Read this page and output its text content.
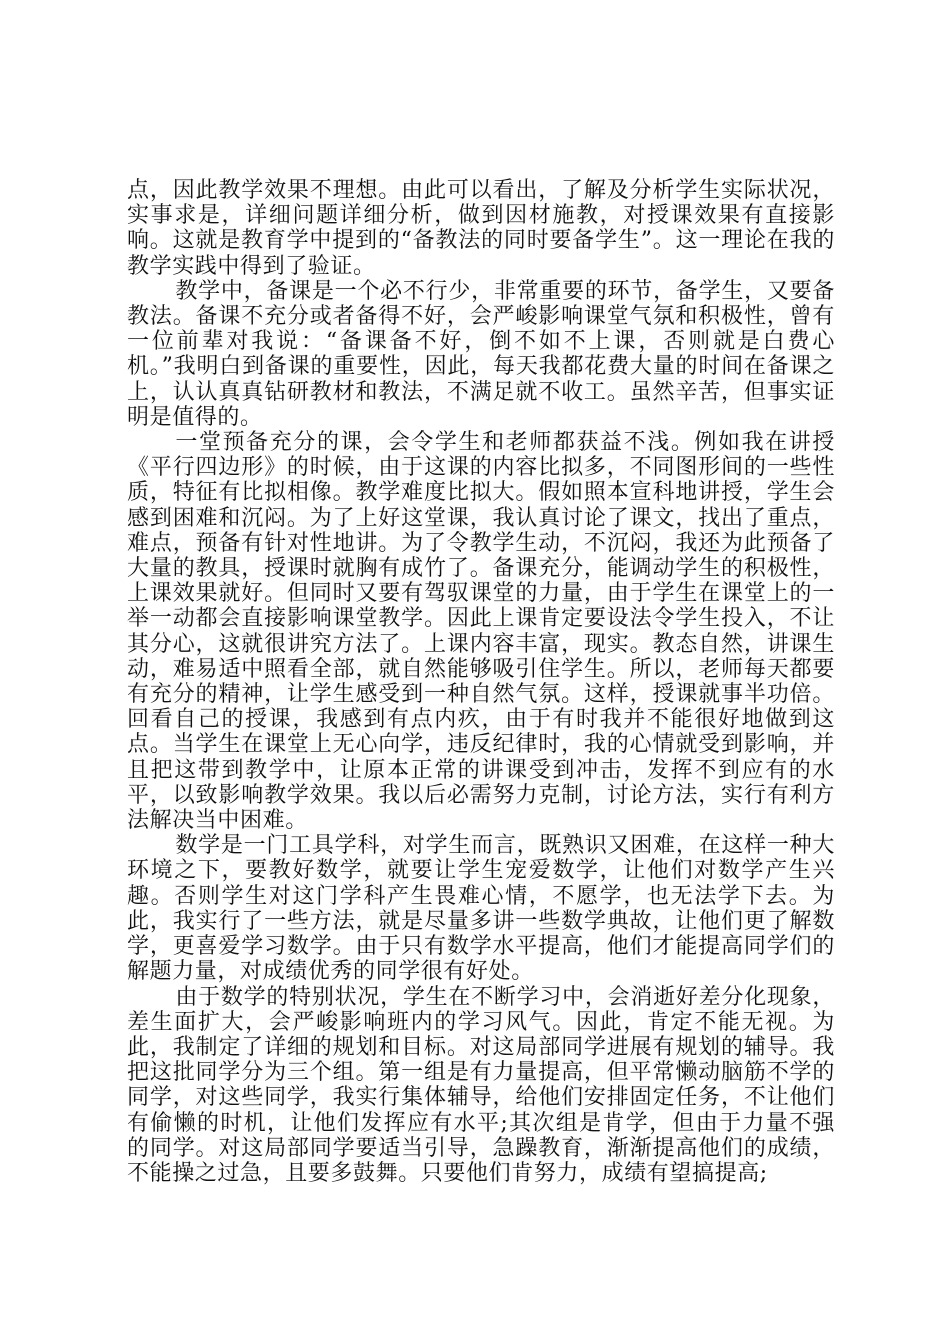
点，因此教学效果不理想。由此可以看出，了解及分析学生实际状况，实事求是，详细问题详细分析，做到因材施教，对授课效果有直接影响。这就是教育学中提到的“备教法的同时要备学生”。这一理论在我的教学实践中得到了验证。

教学中，备课是一个必不行少，非常重要的环节，备学生，又要备教法。备课不充分或者备得不好，会严峻影响课堂气氛和积极性，曾有一位前辈对我说：“备课备不好，倒不如不上课，否则就是白费心机。”我明白到备课的重要性，因此，每天我都花费大量的时间在备课之上，认认真真钻研教材和教法，不满足就不收工。虽然辛苦，但事实证明是值得的。

一堂预备充分的课，会令学生和老师都获益不浅。例如我在讲授《平行四边形》的时候，由于这课的内容比拟多，不同图形间的一些性质，特征有比拟相像。教学难度比拟大。假如照本宣科地讲授，学生会感到困难和沉闷。为了上好这堂课，我认真讨论了课文，找出了重点，难点，预备有针对性地讲。为了令教学生动，不沉闷，我还为此预备了大量的教具，授课时就胸有成竹了。备课充分，能调动学生的积极性，上课效果就好。但同时又要有驾驭课堂的力量，由于学生在课堂上的一举一动都会直接影响课堂教学。因此上课肯定要设法令学生投入，不让其分心，这就很讲究方法了。上课内容丰富，现实。教态自然，讲课生动，难易适中照看全部，就自然能够吸引住学生。所以，老师每天都要有充分的精神，让学生感受到一种自然气氛。这样，授课就事半功倍。回看自己的授课，我感到有点内疚，由于有时我并不能很好地做到这点。当学生在课堂上无心向学，违反纪律时，我的心情就受到影响，并且把这带到教学中，让原本正常的讲课受到冲击，发挥不到应有的水平，以致影响教学效果。我以后必需努力克制，讨论方法，实行有利方法解决当中困难。

数学是一门工具学科，对学生而言，既熟识又困难，在这样一种大环境之下，要教好数学，就要让学生宠爱数学，让他们对数学产生兴趣。否则学生对这门学科产生畏难心情，不愿学，也无法学下去。为此，我实行了一些方法，就是尽量多讲一些数学典故，让他们更了解数学，更喜爱学习数学。由于只有数学水平提高，他们才能提高同学们的解题力量，对成绩优秀的同学很有好处。

由于数学的特别状况，学生在不断学习中，会消逝好差分化现象，差生面扩大，会严峻影响班内的学习风气。因此，肯定不能无视。为此，我制定了详细的规划和目标。对这局部同学进展有规划的辅导。我把这批同学分为三个组。第一组是有力量提高，但平常懒动脑筋不学的同学，对这些同学，我实行集体辅导，给他们安排固定任务，不让他们有偷懒的时机，让他们发挥应有水平;其次组是肯学，但由于力量不强的同学。对这局部同学要适当引导，急躁教育，渐渐提高他们的成绩，不能操之过急，且要多鼓舞。只要他们肯努力，成绩有望搞提高;
